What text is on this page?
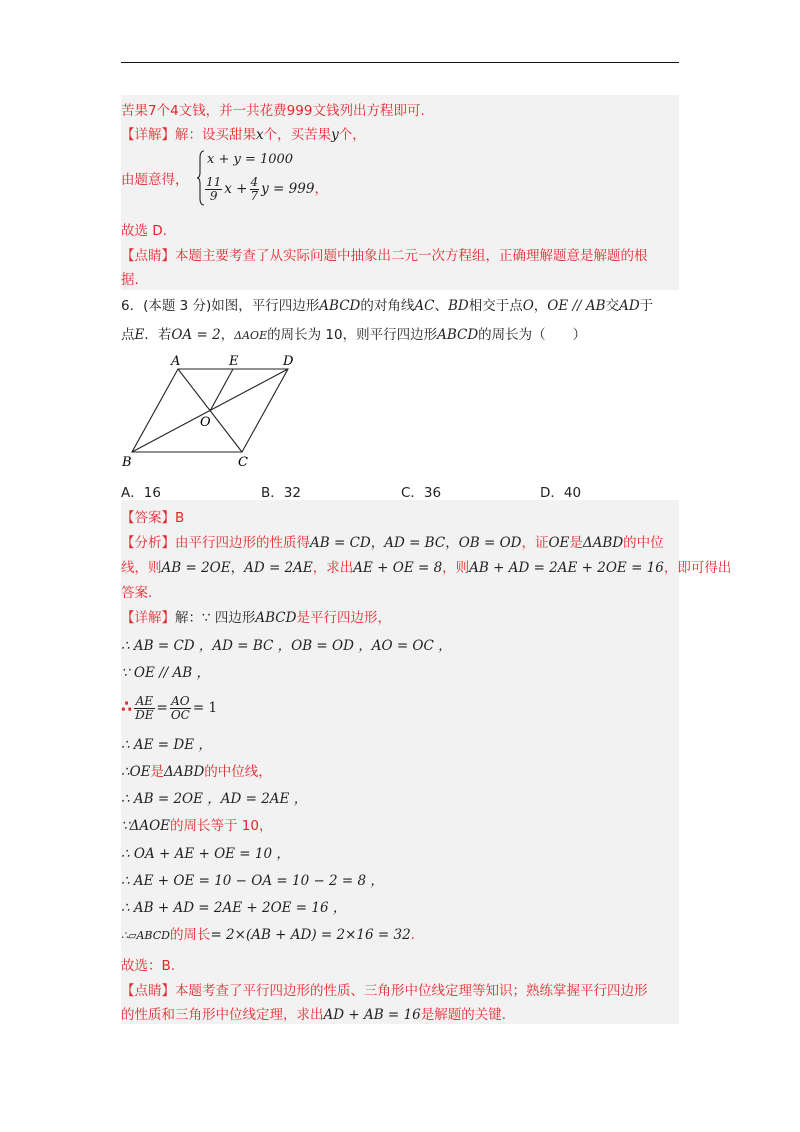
苦果7个4文钱，并一共花费999文钱列出方程即可.
【详解】解：设买甜果x个，买苦果y个，
由题意得，
x + y = 1000
$\frac{11}{9}$ $x + \frac{4}{7}$ y = 999，
故选 D.
【点睛】本题主要考查了从实际问题中抽象出二元一次方程组，正确理解题意是解题的根
据.
6．(本题 3 分)如图，平行四边形ABCD的对角线AC、BD相交于点O，OE // AB交AD于
点E．若OA = 2，ΔAOE的周长为 10，则平行四边形ABCD的周长为（　　）
A	E	D
O
B	C
A．16	B．32	C．36	D．40
【答案】B
【分析】由平行四边形的性质得AB = CD，AD = BC，OB = OD，证OE是ΔABD的中位
线，则AB = 2OE，AD = 2AE，求出AE + OE = 8，则AB + AD = 2AE + 2OE = 16，即可得出
答案.
【详解】解：∵ 四边形ABCD是平行四边形，
∴ AB = CD ，AD = BC ，OB = OD ，AO = OC ，
∵ OE // AB ，
∴ $\frac{AE}{DE} = \frac{AO}{OC} = 1$
∴ AE = DE ，
∴OE是ΔABD的中位线，
∴ AB = 2OE ，AD = 2AE ，
∵ΔAOE的周长等于 10，
∴ OA + AE + OE = 10 ，
∴ AE + OE = 10 − OA = 10 − 2 = 8 ，
∴ AB + AD = 2AE + 2OE = 16 ，
∴▱ABCD的周长= 2×(AB + AD) = 2×16 = 32.
故选：B.
【点睛】本题考查了平行四边形的性质、三角形中位线定理等知识；熟练掌握平行四边形
的性质和三角形中位线定理，求出AD + AB = 16是解题的关键.
